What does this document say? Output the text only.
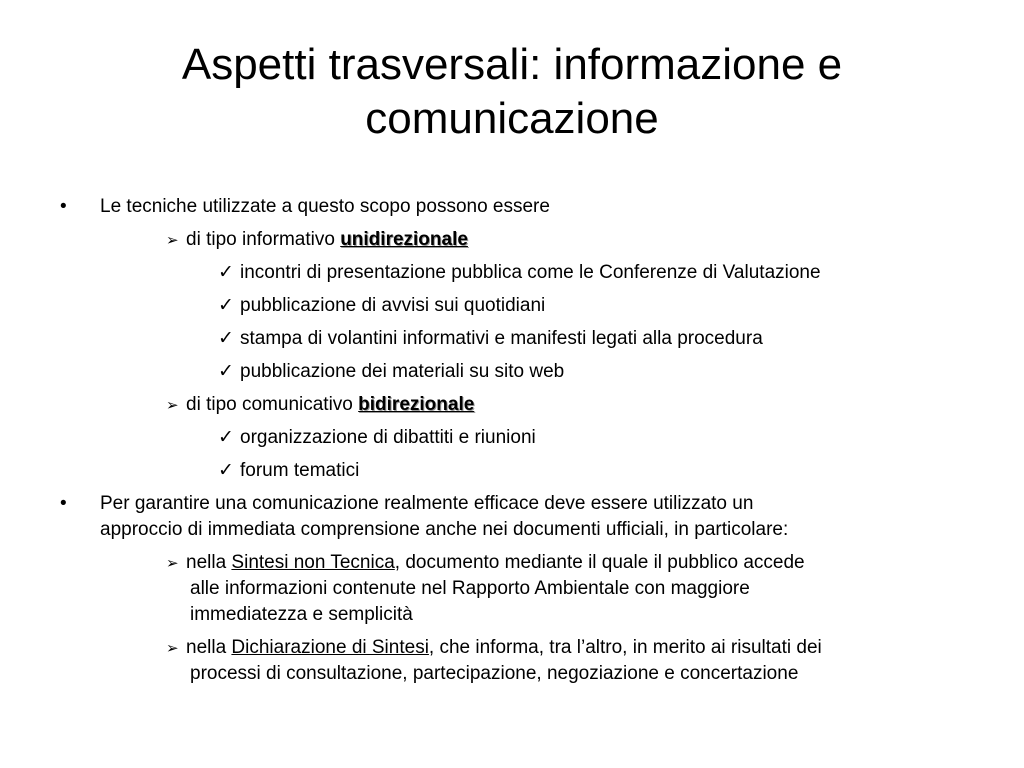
Aspetti trasversali: informazione e comunicazione
•	Le tecniche utilizzate a questo scopo possono essere
➢ di tipo informativo unidirezionale
✓ incontri di presentazione pubblica come le Conferenze di Valutazione
✓ pubblicazione di avvisi sui quotidiani
✓ stampa di volantini informativi e manifesti legati alla procedura
✓ pubblicazione dei materiali su sito web
➢ di tipo comunicativo bidirezionale
✓ organizzazione di dibattiti e riunioni
✓ forum tematici
•	Per garantire una comunicazione realmente efficace deve essere utilizzato un
approccio di immediata comprensione anche nei documenti ufficiali, in particolare:
➢ nella Sintesi non Tecnica, documento mediante il quale il pubblico accede
alle informazioni contenute nel Rapporto Ambientale con maggiore
immediatezza e semplicità
➢ nella Dichiarazione di Sintesi, che informa, tra l’altro, in merito ai risultati dei
processi di consultazione, partecipazione, negoziazione e concertazione
